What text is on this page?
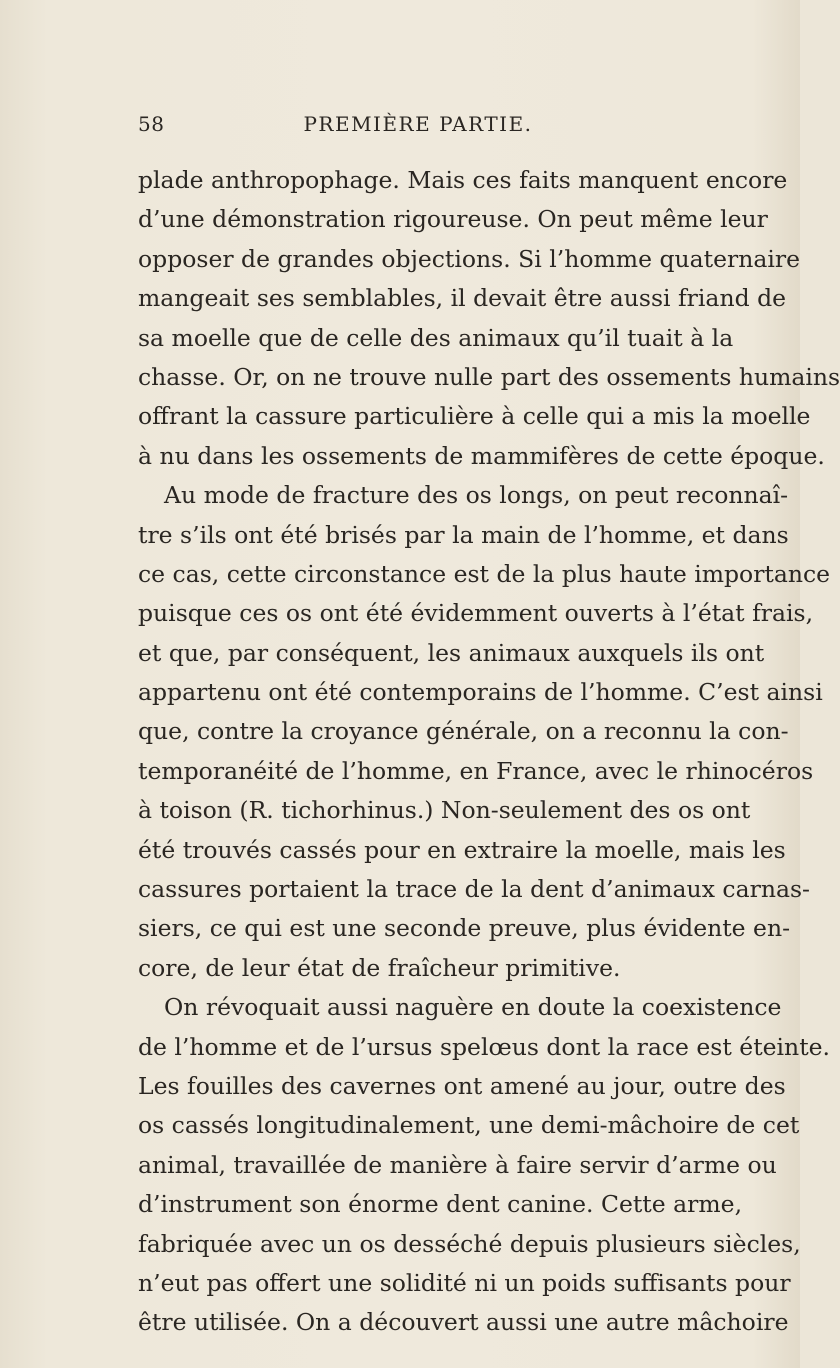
58	PREMIÈRE PARTIE.
plade anthropophage. Mais ces faits manquent encore
d’une démonstration rigoureuse. On peut même leur
opposer de grandes objections. Si l’homme quaternaire
mangeait ses semblables, il devait être aussi friand de
sa moelle que de celle des animaux qu’il tuait à la
chasse. Or, on ne trouve nulle part des ossements humains
offrant la cassure particulière à celle qui a mis la moelle
à nu dans les ossements de mammifères de cette époque.
Au mode de fracture des os longs, on peut reconnaî-
tre s’ils ont été brisés par la main de l’homme, et dans
ce cas, cette circonstance est de la plus haute importance
puisque ces os ont été évidemment ouverts à l’état frais,
et que, par conséquent, les animaux auxquels ils ont
appartenu ont été contemporains de l’homme. C’est ainsi
que, contre la croyance générale, on a reconnu la con-
temporanéité de l’homme, en France, avec le rhinocéros
à toison (R. tichorhinus.) Non-seulement des os ont
été trouvés cassés pour en extraire la moelle, mais les
cassures portaient la trace de la dent d’animaux carnas-
siers, ce qui est une seconde preuve, plus évidente en-
core, de leur état de fraîcheur primitive.
On révoquait aussi naguère en doute la coexistence
de l’homme et de l’ursus spelœus dont la race est éteinte.
Les fouilles des cavernes ont amené au jour, outre des
os cassés longitudinalement, une demi-mâchoire de cet
animal, travaillée de manière à faire servir d’arme ou
d’instrument son énorme dent canine. Cette arme,
fabriquée avec un os desséché depuis plusieurs siècles,
n’eut pas offert une solidité ni un poids suffisants pour
être utilisée. On a découvert aussi une autre mâchoire
